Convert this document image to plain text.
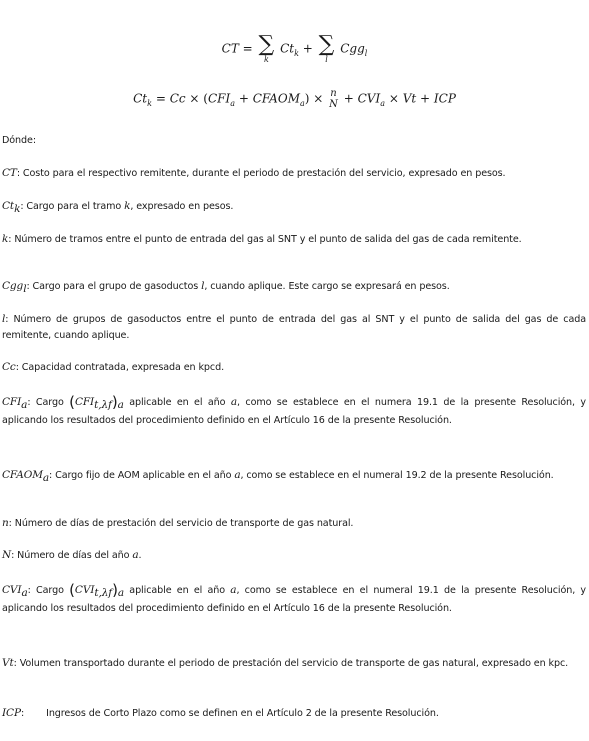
CT = ∑
k
$Ct_k$ + ∑
l
Cgg$_l$
$Ct_k = Cc \times (CFI_a$ + $CFAOM_a) \times n$
$N + CVI_a \times Vt$ + ICP
Dónde:
CT: Costo para el respectivo remitente, durante el periodo de prestación del servicio, expresado en pesos.
$Ct_k$: Cargo para el tramo k, expresado en pesos.
k: Número de tramos entre el punto de entrada del gas al SNT y el punto de salida del gas de cada remitente.
Cgg$_l$: Cargo para el grupo de gasoductos l, cuando aplique. Este cargo se expresará en pesos.
l: Número de grupos de gasoductos entre el punto de entrada del gas al SNT y el punto de salida del gas de cada remitente, cuando aplique.
Cc: Capacidad contratada, expresada en kpcd.
$CFI_a$: Cargo $(CFI_{t,\lambda f})_a$ aplicable en el año a, como se establece en el numera 19.1 de la presente Resolución, y aplicando los resultados del procedimiento definido en el Artículo 16 de la presente Resolución.
$CFAOM_a$: Cargo fijo de AOM aplicable en el año a, como se establece en el numeral 19.2 de la presente Resolución.
n: Número de días de prestación del servicio de transporte de gas natural.
N: Número de días del año a.
$CVI_a$: Cargo $(CVI_{t,\lambda f})_a$ aplicable en el año a, como se establece en el numeral 19.1 de la presente Resolución, y aplicando los resultados del procedimiento definido en el Artículo 16 de la presente Resolución.
Vt: Volumen transportado durante el periodo de prestación del servicio de transporte de gas natural, expresado en kpc.
ICP: Ingresos de Corto Plazo como se definen en el Artículo 2 de la presente Resolución.
